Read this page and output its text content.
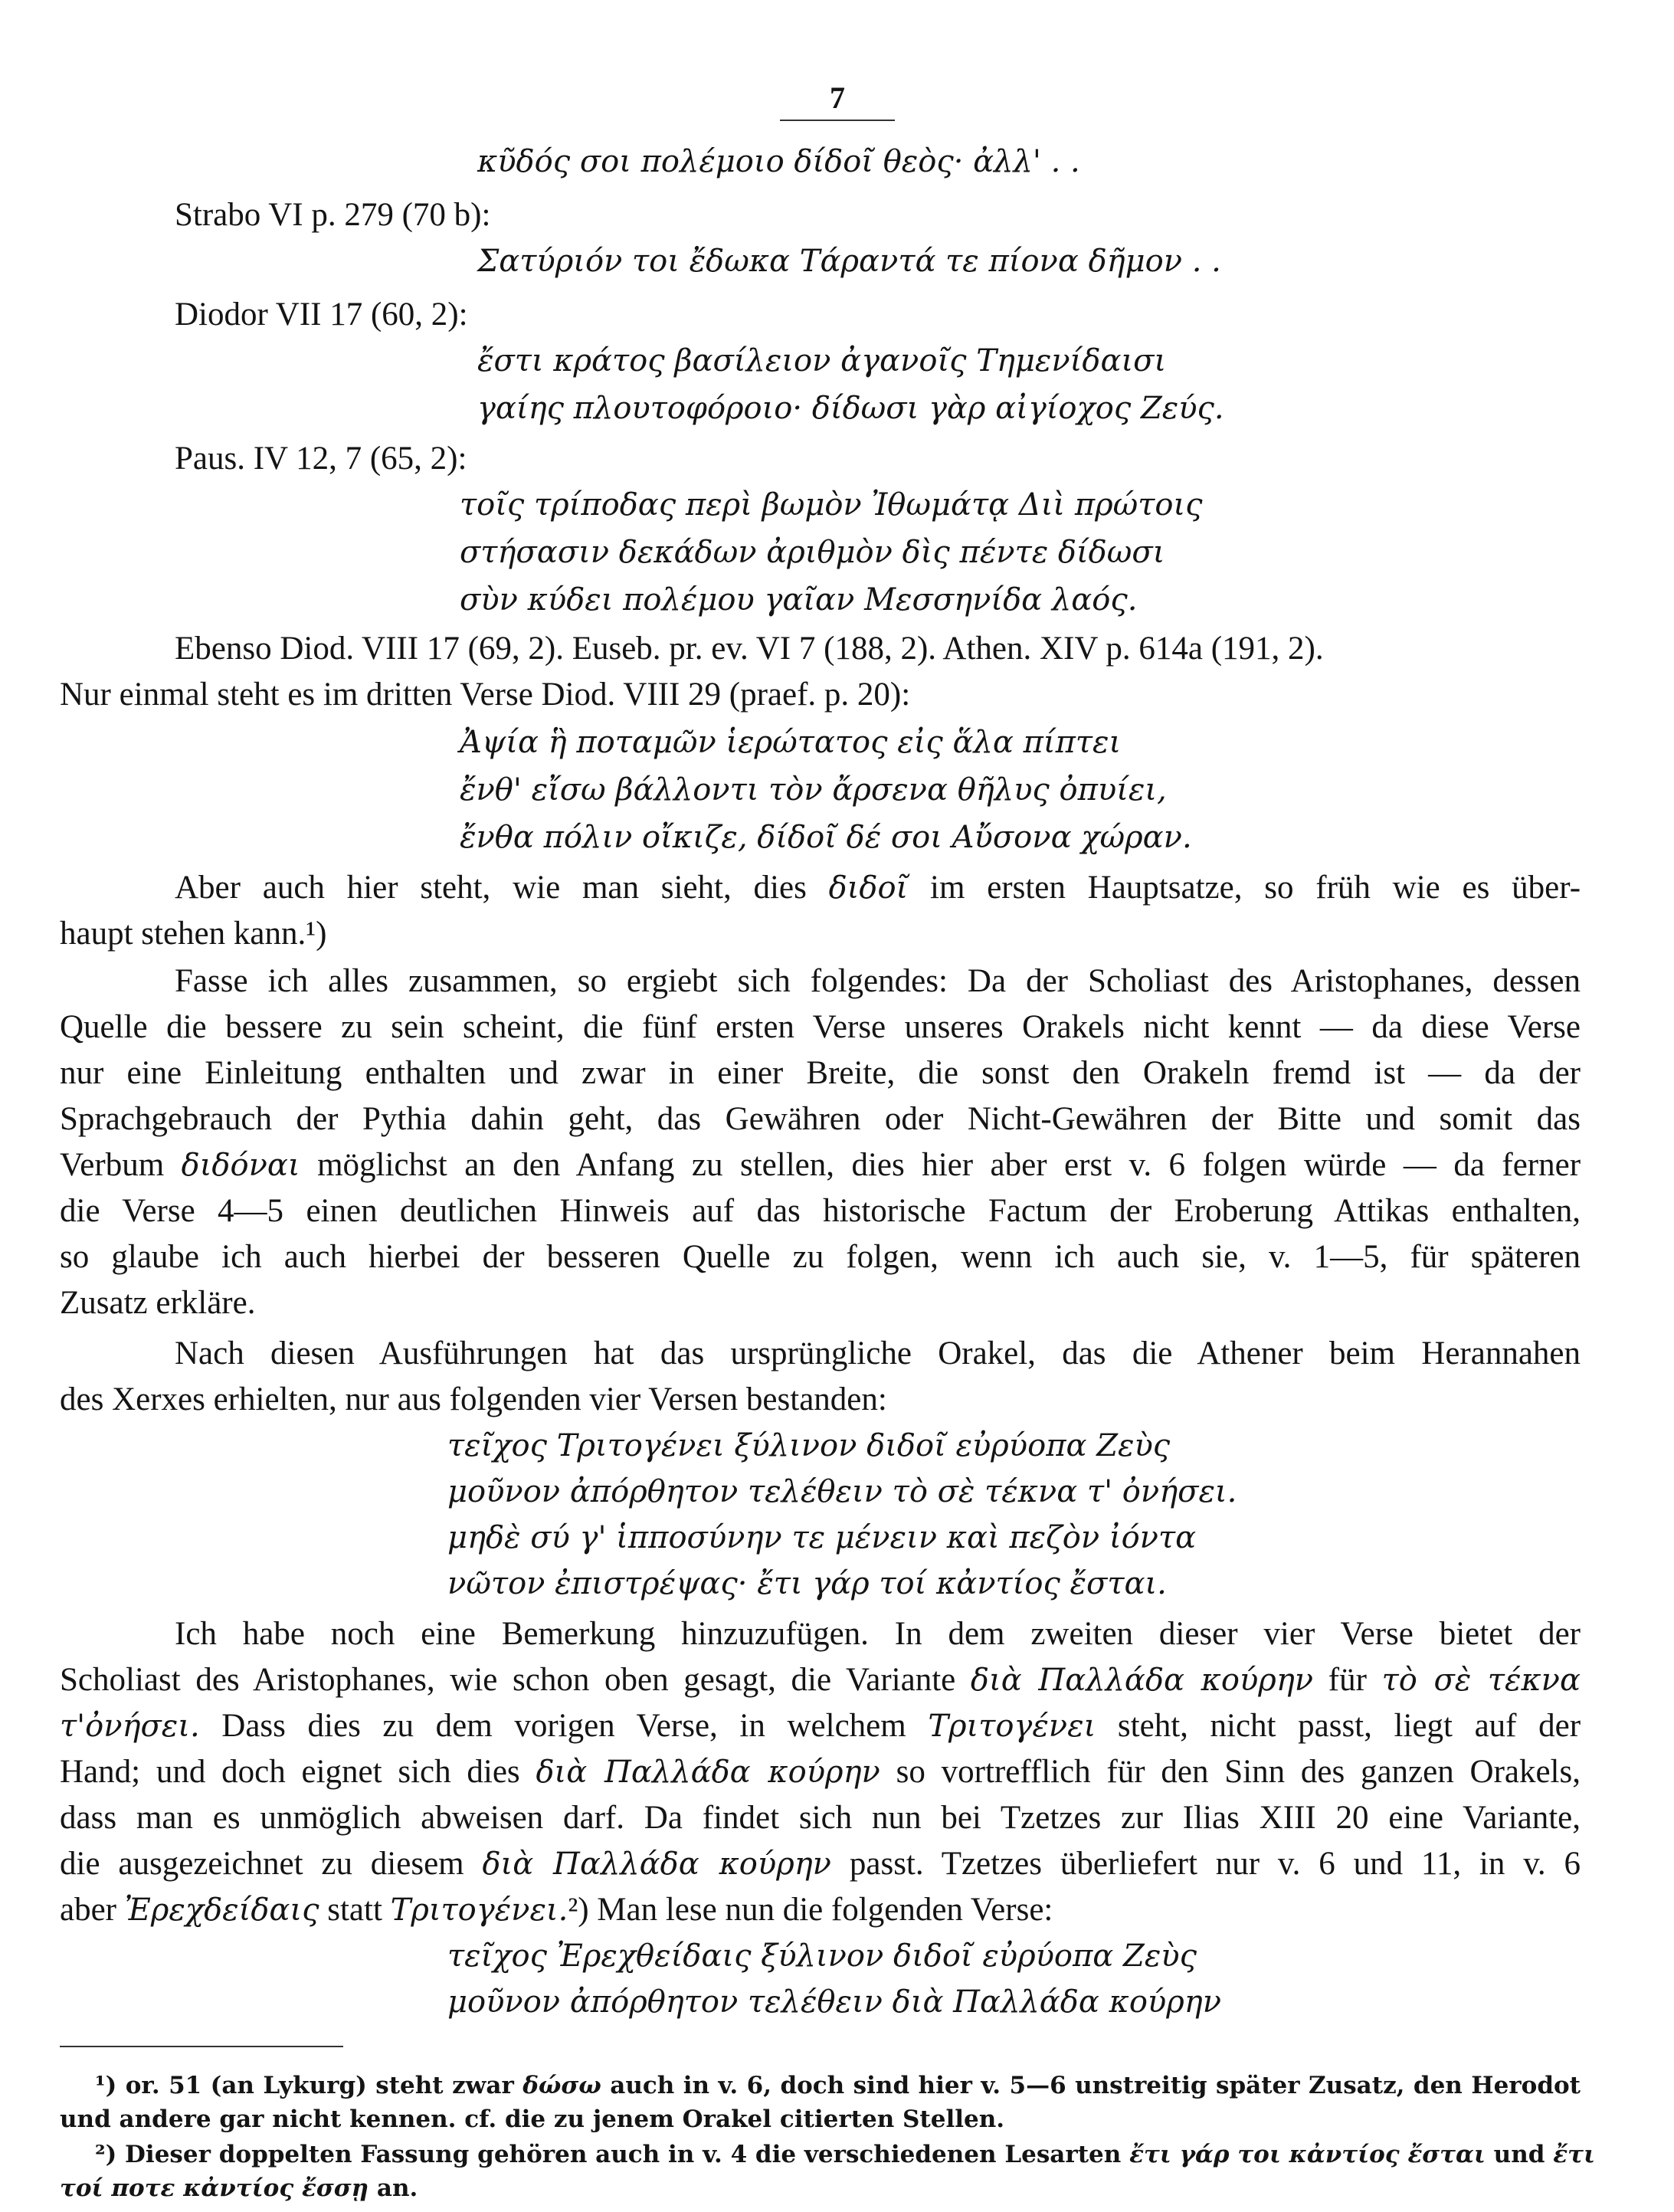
7
κῦδός σοι πολέμοιο δίδοῖ θεὸς· ἀλλ' . .
Strabo VI p. 279 (70 b):
Σατύριόν τοι ἔδωκα Τάραντά τε πίονα δῆμον . .
Diodor VII 17 (60, 2):
ἔστι κράτος βασίλειον ἀγανοῖς Τημενίδαισι
γαίης πλουτοφόροιο· δίδωσι γὰρ αἰγίοχος Ζεύς.
Paus. IV 12, 7 (65, 2):
τοῖς τρίποδας περὶ βωμὸν Ἰθωμάτᾳ Διὶ πρώτοις
στήσασιν δεκάδων ἀριθμὸν δὶς πέντε δίδωσι
σὺν κύδει πολέμου γαῖαν Μεσσηνίδα λαός.
Ebenso Diod. VIII 17 (69, 2). Euseb. pr. ev. VI 7 (188, 2). Athen. XIV p. 614a (191, 2).
Nur einmal steht es im dritten Verse Diod. VIII 29 (praef. p. 20):
Ἀψία ἣ ποταμῶν ἱερώτατος εἰς ἅλα πίπτει
ἔνθ' εἴσω βάλλοντι τὸν ἄρσενα θῆλυς ὀπυίει,
ἔνθα πόλιν οἴκιζε, δίδοῖ δέ σοι Αὔσονα χώραν.
Aber auch hier steht, wie man sieht, dies διδοῖ im ersten Hauptsatze, so früh wie es über-
haupt stehen kann.¹)
Fasse ich alles zusammen, so ergiebt sich folgendes: Da der Scholiast des Aristophanes, dessen
Quelle die bessere zu sein scheint, die fünf ersten Verse unseres Orakels nicht kennt — da diese Verse
nur eine Einleitung enthalten und zwar in einer Breite, die sonst den Orakeln fremd ist — da der
Sprachgebrauch der Pythia dahin geht, das Gewähren oder Nicht-Gewähren der Bitte und somit das
Verbum διδόναι möglichst an den Anfang zu stellen, dies hier aber erst v. 6 folgen würde — da ferner
die Verse 4—5 einen deutlichen Hinweis auf das historische Factum der Eroberung Attikas enthalten,
so glaube ich auch hierbei der besseren Quelle zu folgen, wenn ich auch sie, v. 1—5, für späteren
Zusatz erkläre.
Nach diesen Ausführungen hat das ursprüngliche Orakel, das die Athener beim Herannahen
des Xerxes erhielten, nur aus folgenden vier Versen bestanden:
τεῖχος Τριτογένει ξύλινον διδοῖ εὐρύοπα Ζεὺς
μοῦνον ἀπόρθητον τελέθειν τὸ σὲ τέκνα τ' ὀνήσει.
μηδὲ σύ γ' ἱπποσύνην τε μένειν καὶ πεζὸν ἰόντα
νῶτον ἐπιστρέψας· ἔτι γάρ τοί κἀντίος ἔσται.
Ich habe noch eine Bemerkung hinzuzufügen. In dem zweiten dieser vier Verse bietet der
Scholiast des Aristophanes, wie schon oben gesagt, die Variante διὰ Παλλάδα κούρην für τὸ σὲ τέκνα
τ'ὀνήσει. Dass dies zu dem vorigen Verse, in welchem Τριτογένει steht, nicht passt, liegt auf der
Hand; und doch eignet sich dies διὰ Παλλάδα κούρην so vortrefflich für den Sinn des ganzen Orakels,
dass man es unmöglich abweisen darf. Da findet sich nun bei Tzetzes zur Ilias XIII 20 eine Variante,
die ausgezeichnet zu diesem διὰ Παλλάδα κούρην passt. Tzetzes überliefert nur v. 6 und 11, in v. 6
aber Ἐρεχδείδαις statt Τριτογένει.²) Man lese nun die folgenden Verse:
τεῖχος Ἐρεχθείδαις ξύλινον διδοῖ εὐρύοπα Ζεὺς
μοῦνον ἀπόρθητον τελέθειν διὰ Παλλάδα κούρην
¹) or. 51 (an Lykurg) steht zwar δώσω auch in v. 6, doch sind hier v. 5—6 unstreitig später Zusatz, den Herodot
und andere gar nicht kennen. cf. die zu jenem Orakel citierten Stellen.
²) Dieser doppelten Fassung gehören auch in v. 4 die verschiedenen Lesarten ἔτι γάρ τοι κἀντίος ἔσται und ἔτι
τοί ποτε κἀντίος ἔσσῃ an.
